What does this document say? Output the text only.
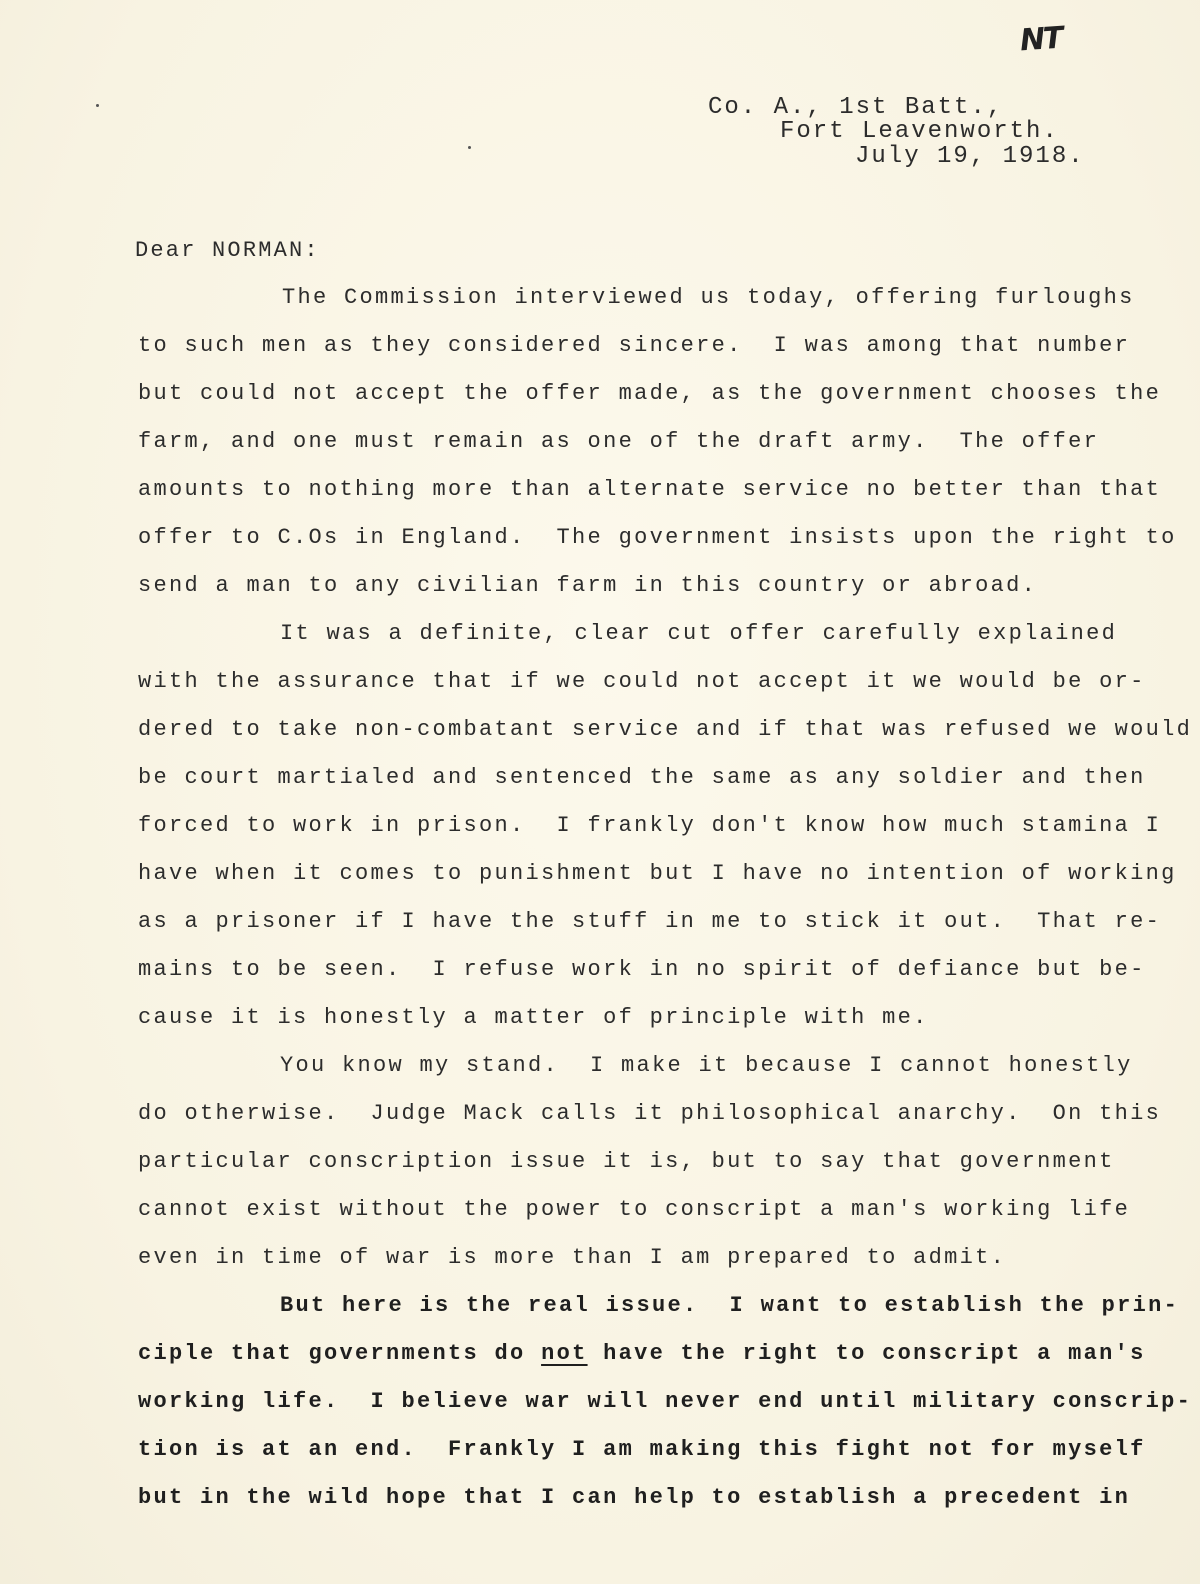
NT
Co. A., 1st Batt.,
Fort Leavenworth.
July 19, 1918.
Dear NORMAN:
The Commission interviewed us today, offering furloughs
to such men as they considered sincere.  I was among that number
but could not accept the offer made, as the government chooses the
farm, and one must remain as one of the draft army.  The offer
amounts to nothing more than alternate service no better than that
offer to C.Os in England.  The government insists upon the right to
send a man to any civilian farm in this country or abroad.
It was a definite, clear cut offer carefully explained
with the assurance that if we could not accept it we would be or-
dered to take non-combatant service and if that was refused we would
be court martialed and sentenced the same as any soldier and then
forced to work in prison.  I frankly don't know how much stamina I
have when it comes to punishment but I have no intention of working
as a prisoner if I have the stuff in me to stick it out.  That re-
mains to be seen.  I refuse work in no spirit of defiance but be-
cause it is honestly a matter of principle with me.
You know my stand.  I make it because I cannot honestly
do otherwise.  Judge Mack calls it philosophical anarchy.  On this
particular conscription issue it is, but to say that government
cannot exist without the power to conscript a man's working life
even in time of war is more than I am prepared to admit.
But here is the real issue.  I want to establish the prin-
ciple that governments do not have the right to conscript a man's
working life.  I believe war will never end until military conscrip-
tion is at an end.  Frankly I am making this fight not for myself
but in the wild hope that I can help to establish a precedent in
